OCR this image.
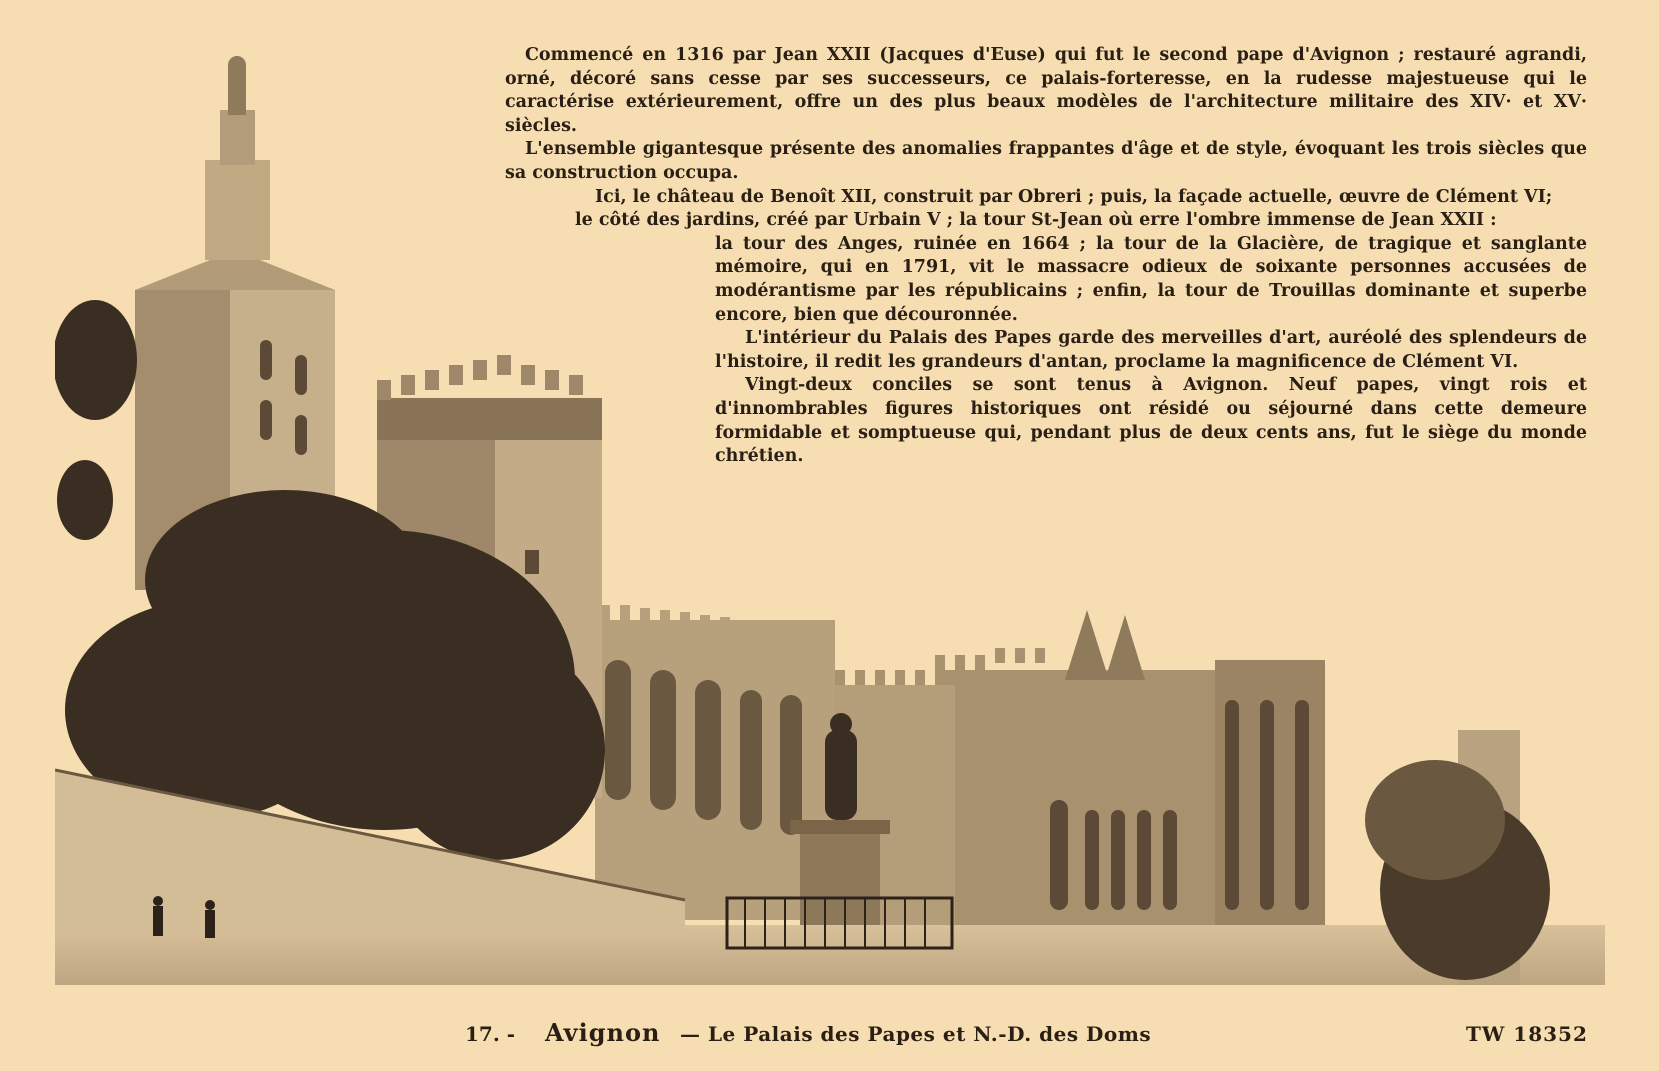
Commencé en 1316 par Jean XXII (Jacques d'Euse) qui fut le second pape d'Avignon ; restauré agrandi, orné, décoré sans cesse par ses successeurs, ce palais-forteresse, en la rudesse majestueuse qui le caractérise extérieurement, offre un des plus beaux modèles de l'architecture militaire des XIV· et XV· siècles.

L'ensemble gigantesque présente des anomalies frappantes d'âge et de style, évoquant les trois siècles que sa construction occupa.

Ici, le château de Benoît XII, construit par Obreri ; puis, la façade actuelle, œuvre de Clément VI;

le côté des jardins, créé par Urbain V ; la tour St-Jean où erre l'ombre immense de Jean XXII :

la tour des Anges, ruinée en 1664 ; la tour de la Glacière, de tragique et sanglante mémoire, qui en 1791, vit le massacre odieux de soixante personnes accusées de modérantisme par les républicains ; enfin, la tour de Trouillas dominante et superbe encore, bien que découronnée.

L'intérieur du Palais des Papes garde des merveilles d'art, auréolé des splendeurs de l'histoire, il redit les grandeurs d'antan, proclame la magnificence de Clément VI.

Vingt-deux conciles se sont tenus à Avignon. Neuf papes, vingt rois et d'innombrables figures historiques ont résidé ou séjourné dans cette demeure formidable et somptueuse qui, pendant plus de deux cents ans, fut le siège du monde chrétien.

17. - Avignon — Le Palais des Papes et N.-D. des Doms	TW 18352
